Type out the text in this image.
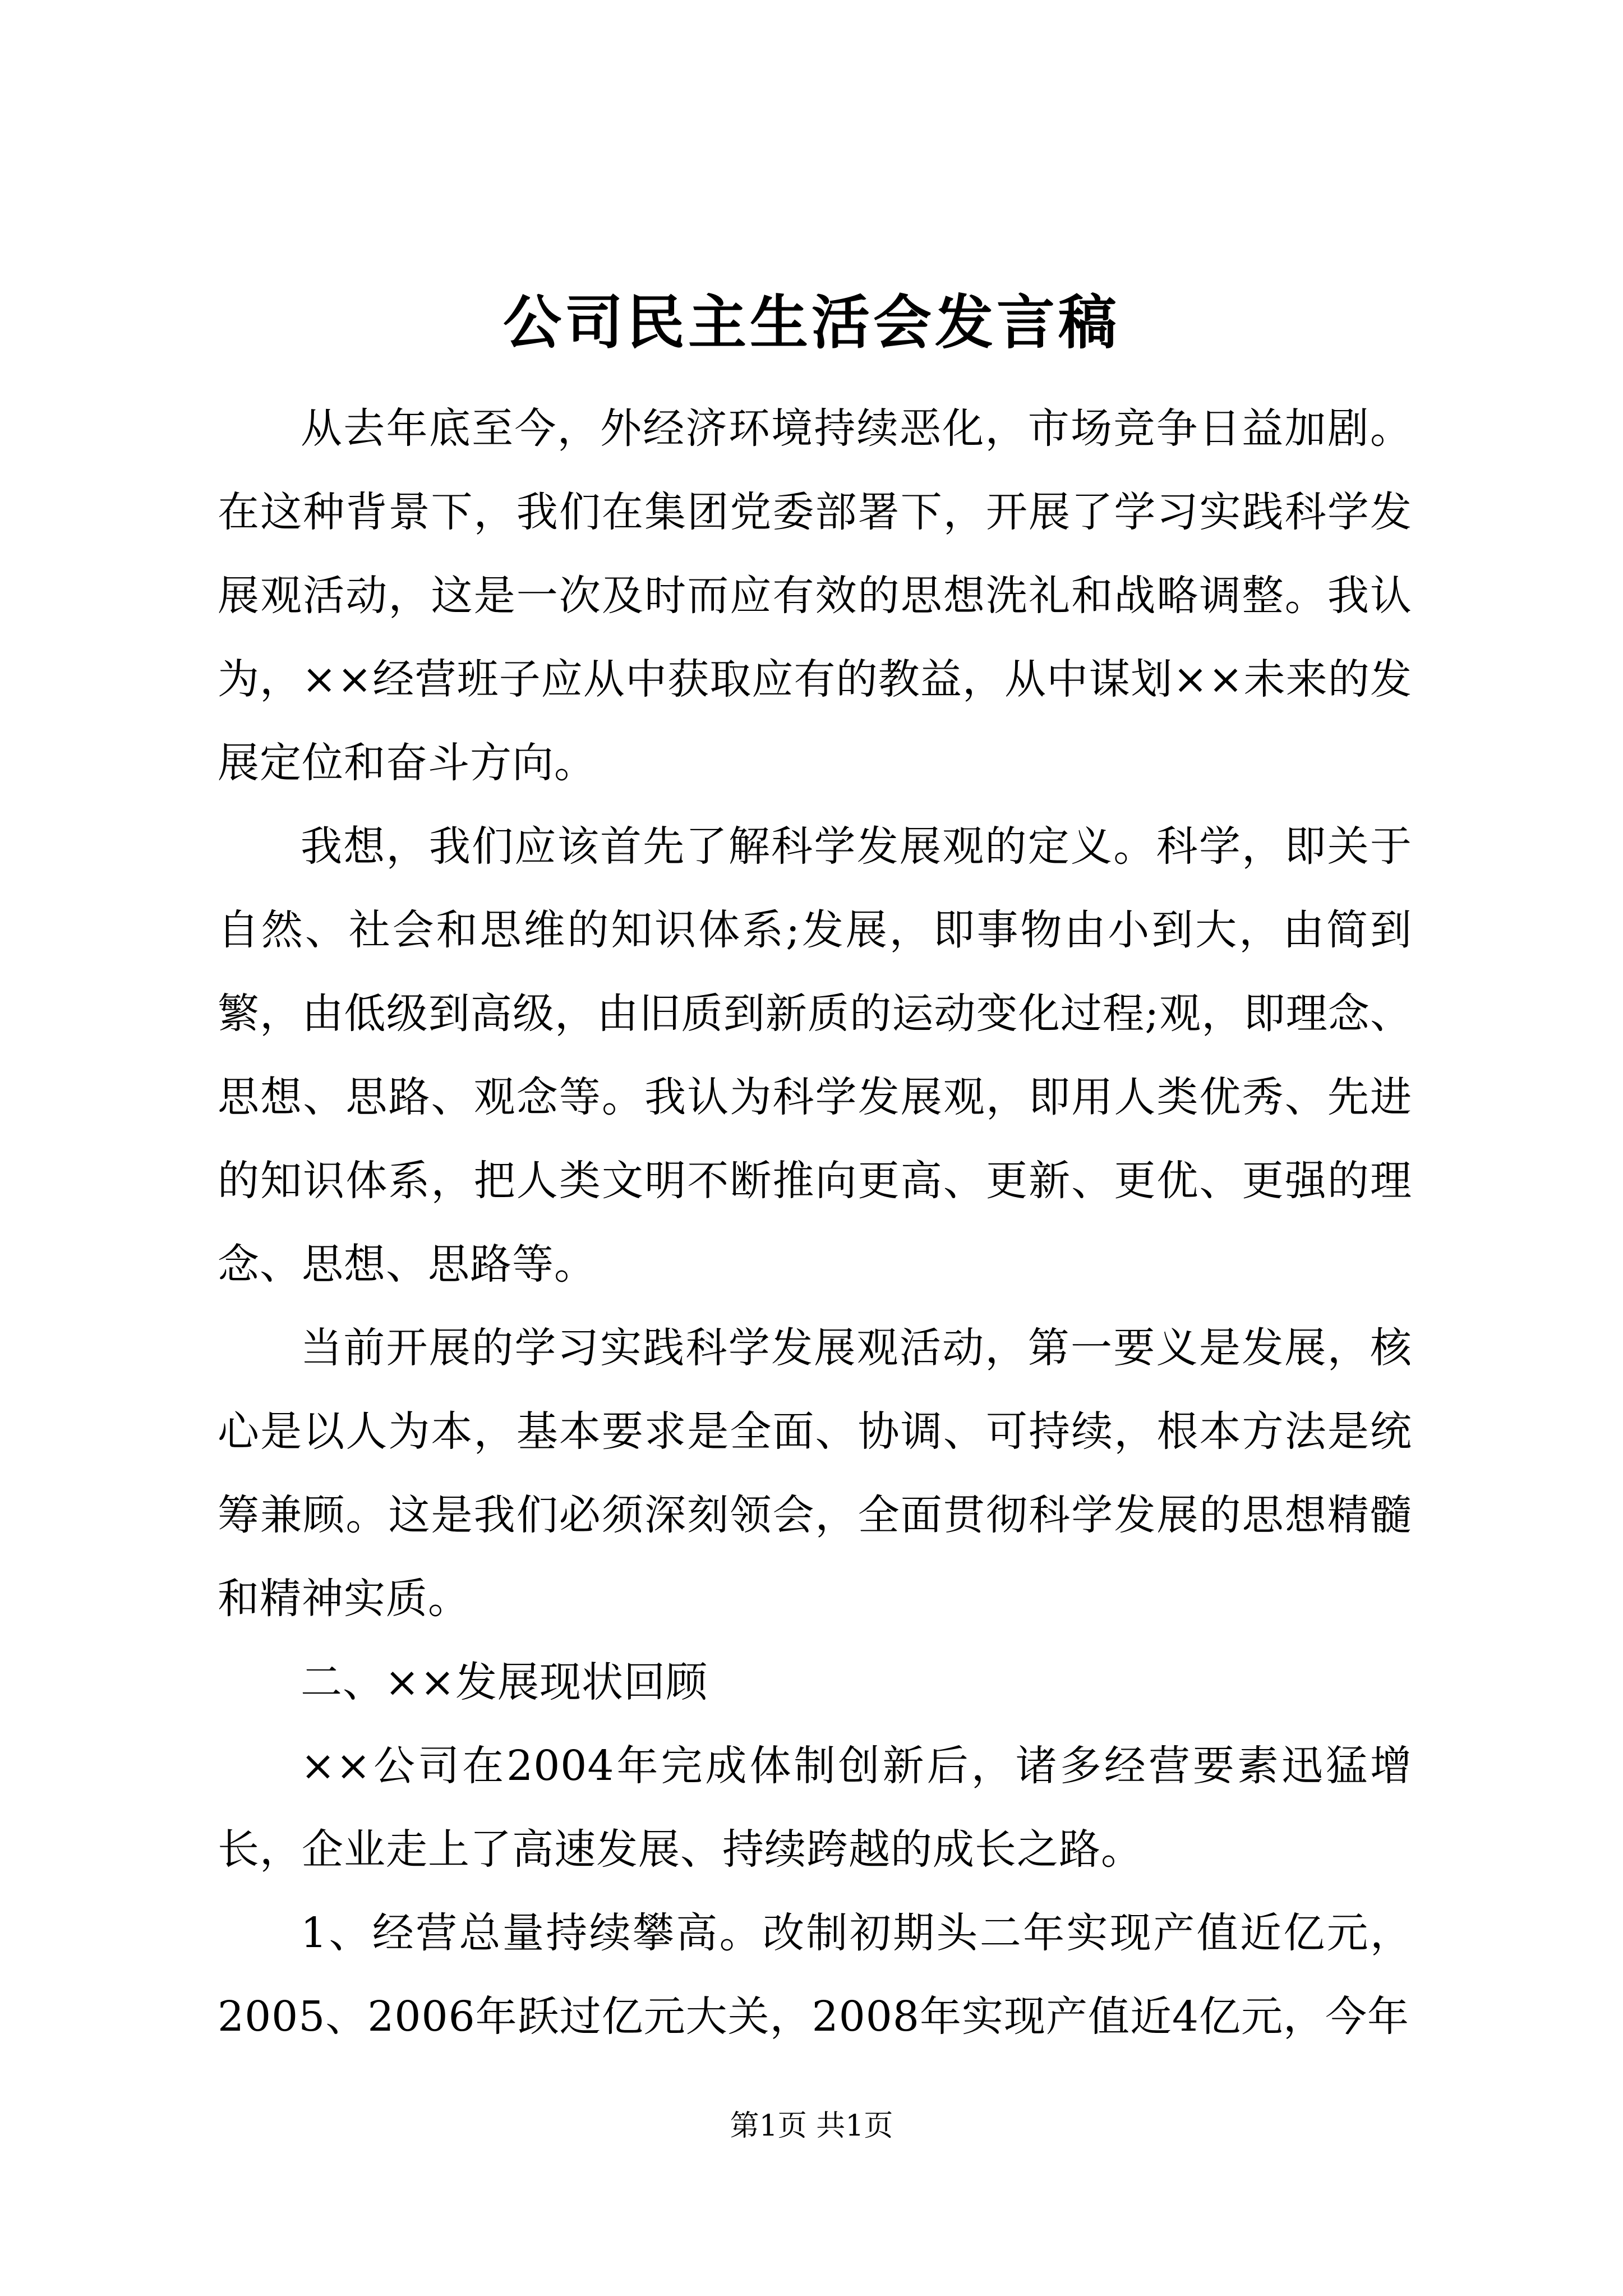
公司民主生活会发言稿

从去年底至今，外经济环境持续恶化，市场竞争日益加剧。在这种背景下，我们在集团党委部署下，开展了学习实践科学发展观活动，这是一次及时而应有效的思想洗礼和战略调整。我认为，××经营班子应从中获取应有的教益，从中谋划××未来的发展定位和奋斗方向。

我想，我们应该首先了解科学发展观的定义。科学，即关于自然、社会和思维的知识体系;发展，即事物由小到大，由简到繁，由低级到高级，由旧质到新质的运动变化过程;观，即理念、思想、思路、观念等。我认为科学发展观，即用人类优秀、先进的知识体系，把人类文明不断推向更高、更新、更优、更强的理念、思想、思路等。

当前开展的学习实践科学发展观活动，第一要义是发展，核心是以人为本，基本要求是全面、协调、可持续，根本方法是统筹兼顾。这是我们必须深刻领会，全面贯彻科学发展的思想精髓和精神实质。

二、××发展现状回顾

××公司在2004年完成体制创新后，诸多经营要素迅猛增长，企业走上了高速发展、持续跨越的成长之路。

1、经营总量持续攀高。改制初期头二年实现产值近亿元，2005、2006年跃过亿元大关，2008年实现产值近4亿元，今年

第1页 共1页
